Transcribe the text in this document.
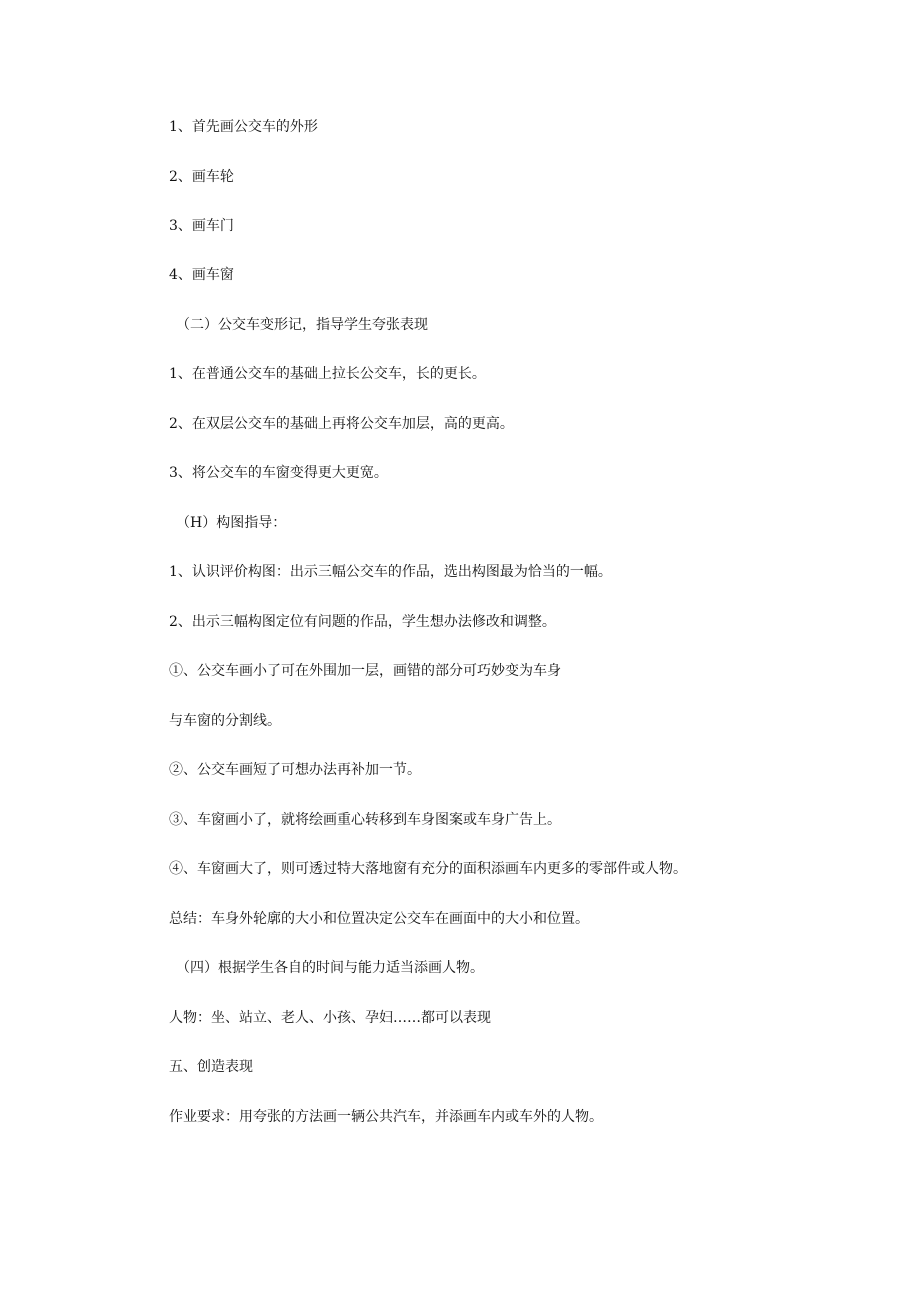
1、首先画公交车的外形
2、画车轮
3、画车门
4、画车窗
（二）公交车变形记，指导学生夸张表现
1、在普通公交车的基础上拉长公交车，长的更长。
2、在双层公交车的基础上再将公交车加层，高的更高。
3、将公交车的车窗变得更大更宽。
（H）构图指导：
1、认识评价构图：出示三幅公交车的作品，选出构图最为恰当的一幅。
2、出示三幅构图定位有问题的作品，学生想办法修改和调整。
①、公交车画小了可在外围加一层，画错的部分可巧妙变为车身
与车窗的分割线。
②、公交车画短了可想办法再补加一节。
③、车窗画小了，就将绘画重心转移到车身图案或车身广告上。
④、车窗画大了，则可透过特大落地窗有充分的面积添画车内更多的零部件或人物。
总结：车身外轮廓的大小和位置决定公交车在画面中的大小和位置。
（四）根据学生各自的时间与能力适当添画人物。
人物：坐、站立、老人、小孩、孕妇……都可以表现
五、创造表现
作业要求：用夸张的方法画一辆公共汽车，并添画车内或车外的人物。
